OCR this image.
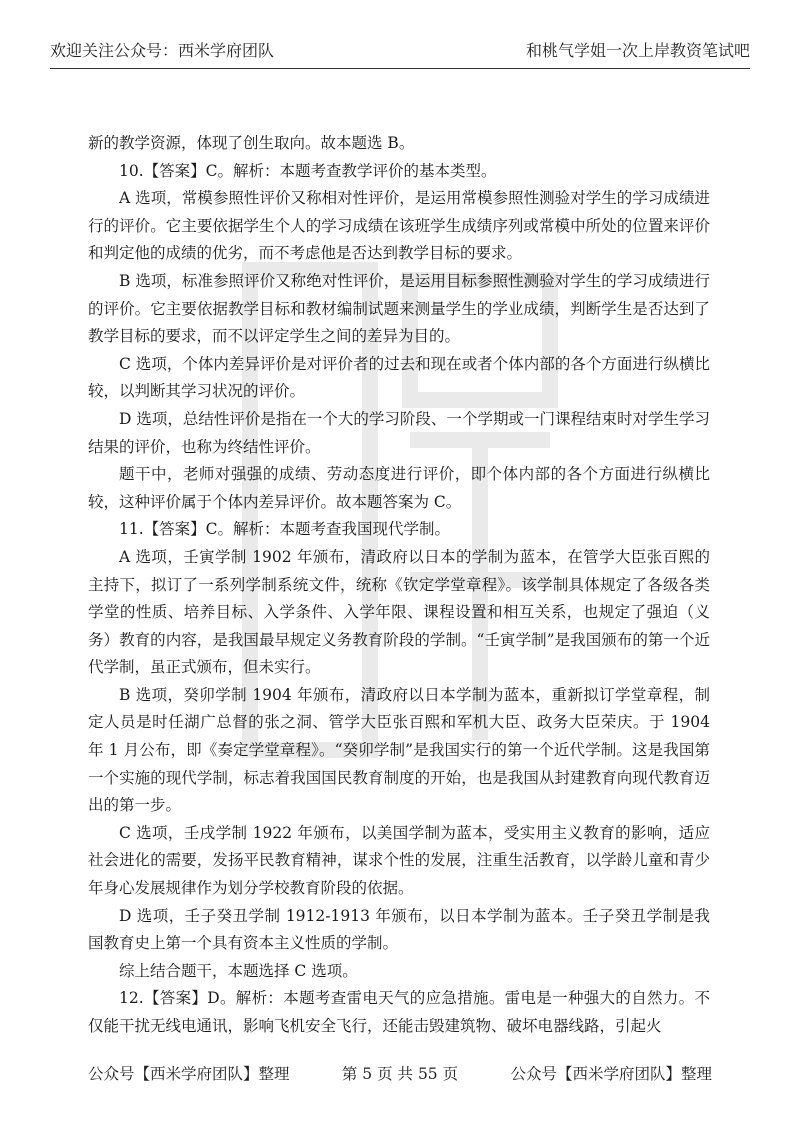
欢迎关注公众号：西米学府团队	和桃气学姐一次上岸教资笔试吧

新的教学资源，体现了创生取向。故本题选 B。

10.【答案】C。解析：本题考查教学评价的基本类型。

A 选项，常模参照性评价又称相对性评价，是运用常模参照性测验对学生的学习成绩进行的评价。它主要依据学生个人的学习成绩在该班学生成绩序列或常模中所处的位置来评价和判定他的成绩的优劣，而不考虑他是否达到教学目标的要求。

B 选项，标准参照评价又称绝对性评价，是运用目标参照性测验对学生的学习成绩进行的评价。它主要依据教学目标和教材编制试题来测量学生的学业成绩，判断学生是否达到了教学目标的要求，而不以评定学生之间的差异为目的。

C 选项，个体内差异评价是对评价者的过去和现在或者个体内部的各个方面进行纵横比较，以判断其学习状况的评价。

D 选项，总结性评价是指在一个大的学习阶段、一个学期或一门课程结束时对学生学习结果的评价，也称为终结性评价。

题干中，老师对强强的成绩、劳动态度进行评价，即个体内部的各个方面进行纵横比较，这种评价属于个体内差异评价。故本题答案为 C。

11.【答案】C。解析：本题考查我国现代学制。

A 选项，壬寅学制 1902 年颁布，清政府以日本的学制为蓝本，在管学大臣张百熙的主持下，拟订了一系列学制系统文件，统称《钦定学堂章程》。该学制具体规定了各级各类学堂的性质、培养目标、入学条件、入学年限、课程设置和相互关系，也规定了强迫（义务）教育的内容，是我国最早规定义务教育阶段的学制。“壬寅学制”是我国颁布的第一个近代学制，虽正式颁布，但未实行。

B 选项，癸卯学制 1904 年颁布，清政府以日本学制为蓝本，重新拟订学堂章程，制定人员是时任湖广总督的张之洞、管学大臣张百熙和军机大臣、政务大臣荣庆。于 1904 年 1 月公布，即《奏定学堂章程》。“癸卯学制”是我国实行的第一个近代学制。这是我国第一个实施的现代学制，标志着我国国民教育制度的开始，也是我国从封建教育向现代教育迈出的第一步。

C 选项，壬戌学制 1922 年颁布，以美国学制为蓝本，受实用主义教育的影响，适应社会进化的需要，发扬平民教育精神，谋求个性的发展，注重生活教育，以学龄儿童和青少年身心发展规律作为划分学校教育阶段的依据。

D 选项，壬子癸丑学制 1912-1913 年颁布，以日本学制为蓝本。壬子癸丑学制是我国教育史上第一个具有资本主义性质的学制。

综上结合题干，本题选择 C 选项。

12.【答案】D。解析：本题考查雷电天气的应急措施。雷电是一种强大的自然力。不仅能干扰无线电通讯，影响飞机安全飞行，还能击毁建筑物、破坏电器线路，引起火

公众号【西米学府团队】整理	第 5 页 共 55 页	公众号【西米学府团队】整理
